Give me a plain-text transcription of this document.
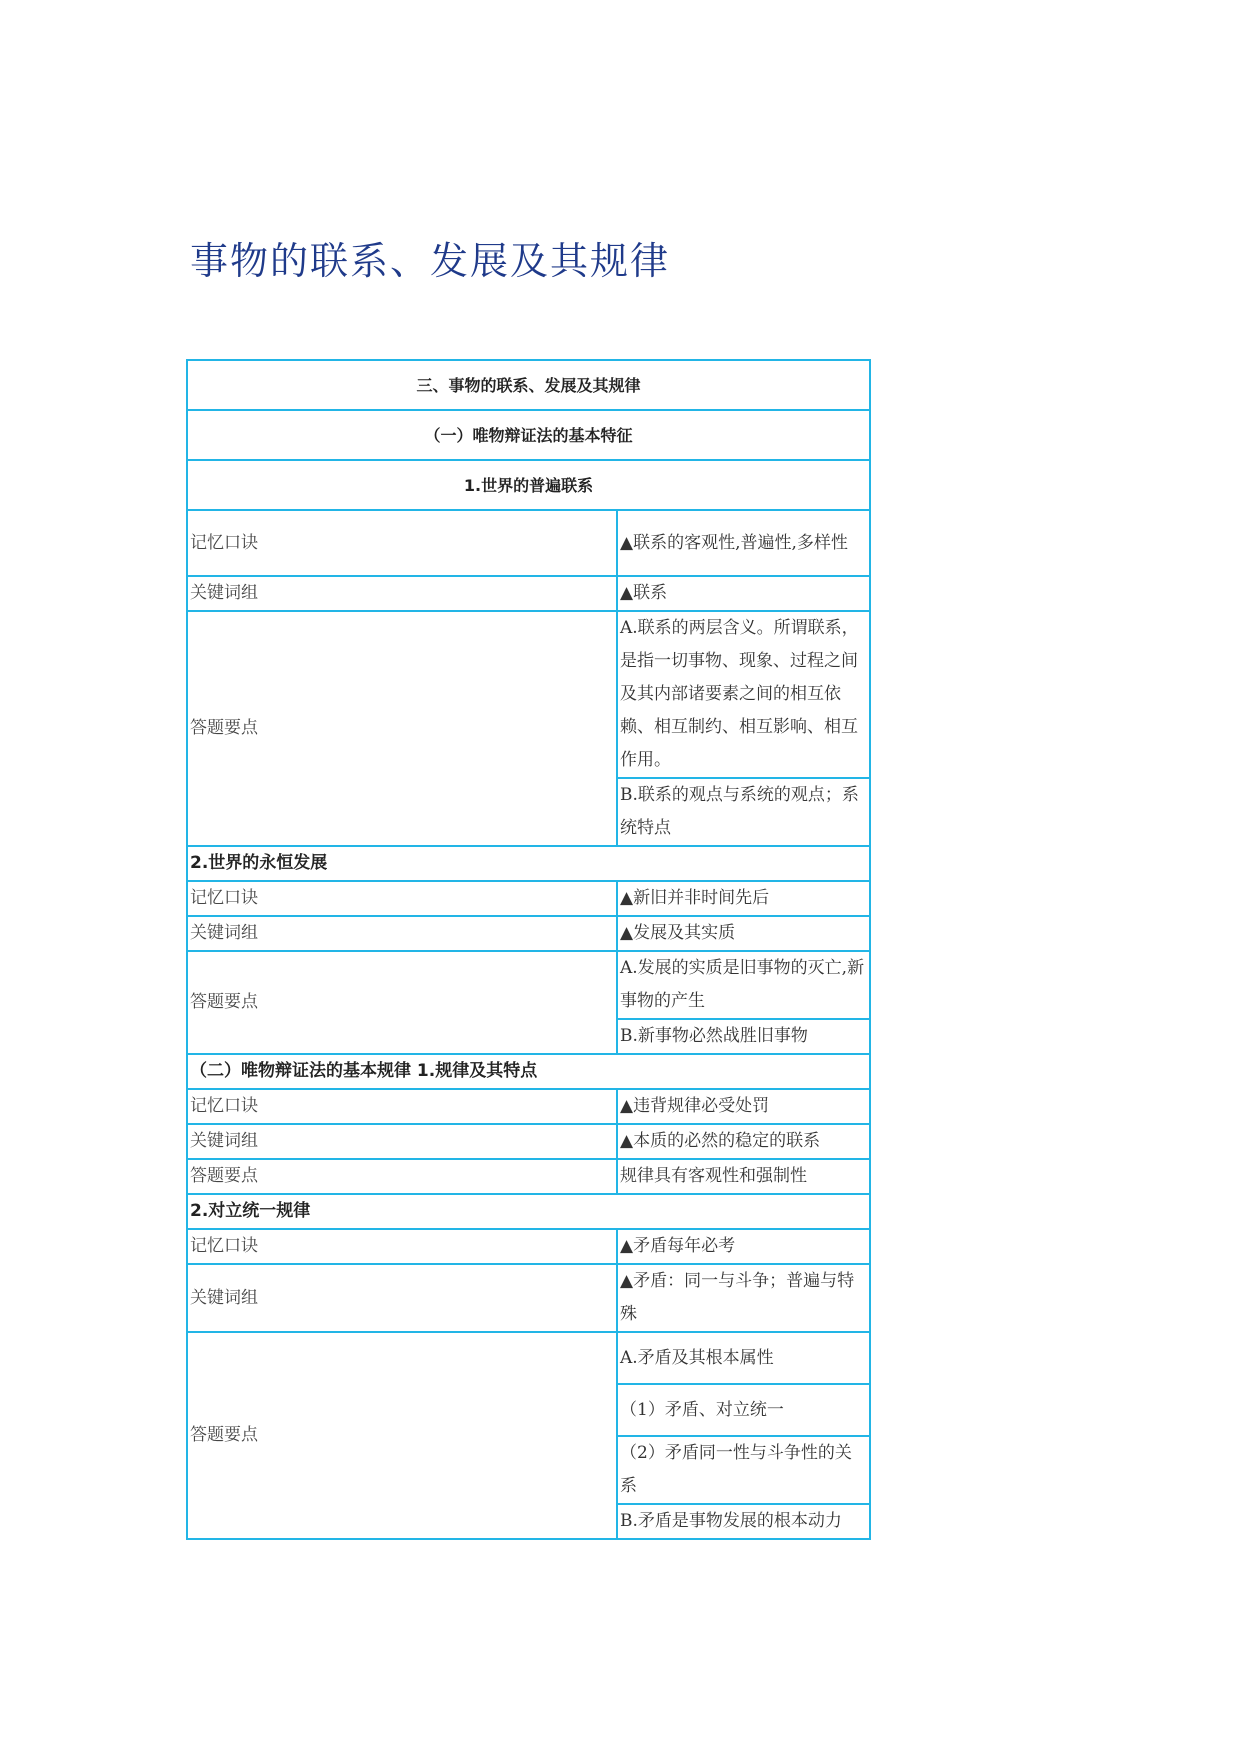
事物的联系、发展及其规律
三、事物的联系、发展及其规律	
（一）唯物辩证法的基本特征	
1.世界的普遍联系	
记忆口诀	▲联系的客观性,普遍性,多样性
关键词组	▲联系
答题要点	A.联系的两层含义。所谓联系，是指一切事物、现象、过程之间及其内部诸要素之间的相互依赖、相互制约、相互影响、相互作用。
	B.联系的观点与系统的观点；系统特点
2.世界的永恒发展	
记忆口诀	▲新旧并非时间先后
关键词组	▲发展及其实质
答题要点	A.发展的实质是旧事物的灭亡,新事物的产生
	B.新事物必然战胜旧事物
（二）唯物辩证法的基本规律 1.规律及其特点	
记忆口诀	▲违背规律必受处罚
关键词组	▲本质的必然的稳定的联系
答题要点	规律具有客观性和强制性
2.对立统一规律	
记忆口诀	▲矛盾每年必考
关键词组	▲矛盾：同一与斗争；普遍与特殊
答题要点	A.矛盾及其根本属性
	（1）矛盾、对立统一
	（2）矛盾同一性与斗争性的关系
	B.矛盾是事物发展的根本动力
